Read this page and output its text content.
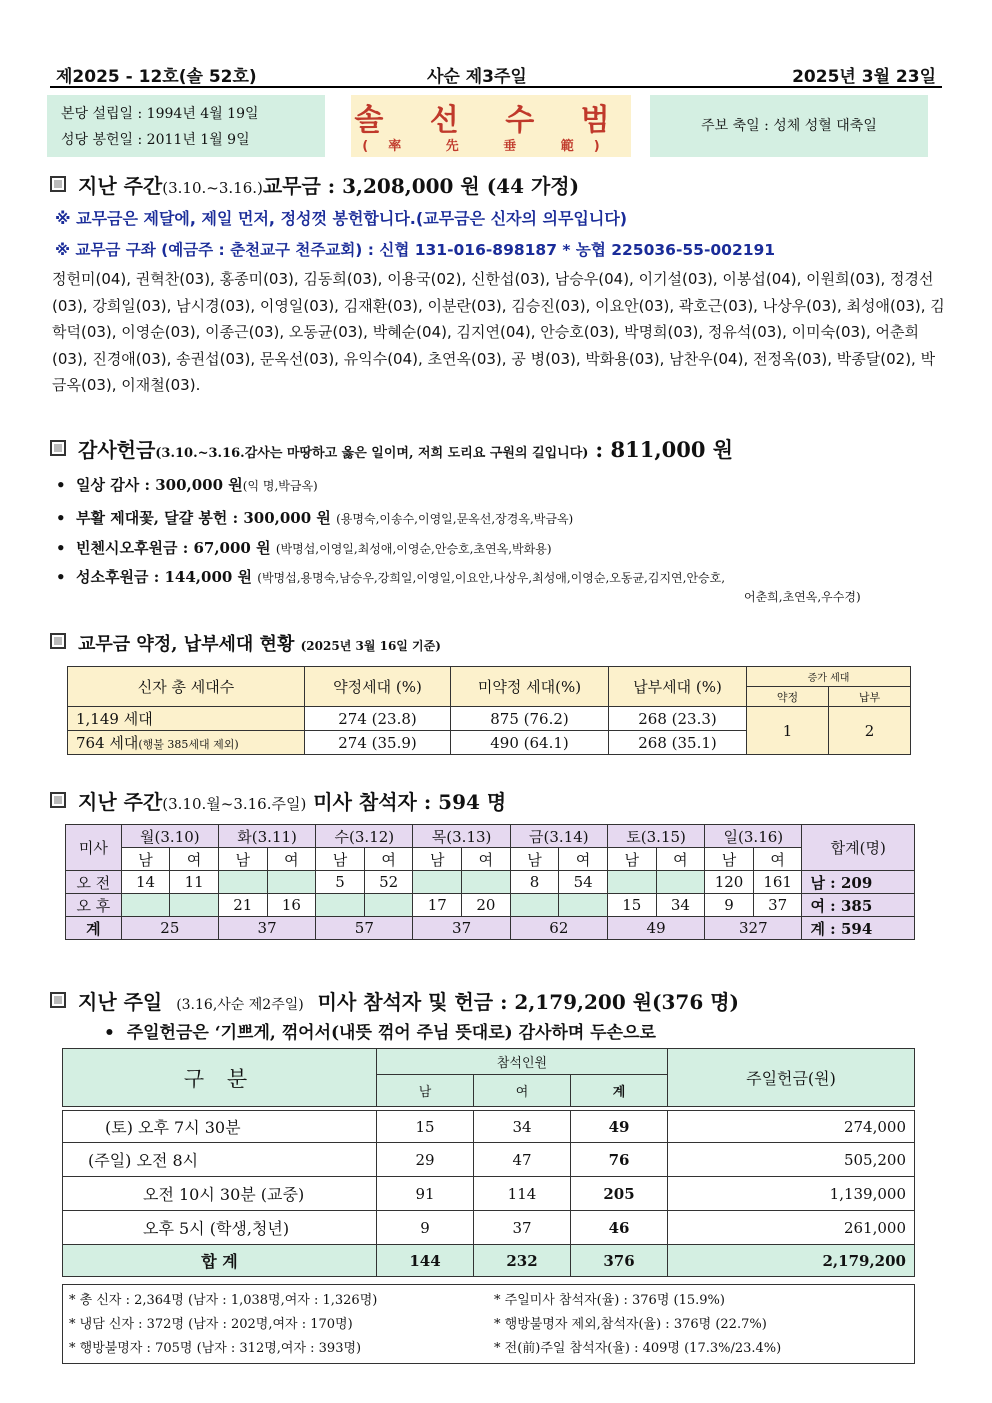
제2025 - 12호(솔 52호)	사순 제3주일	2025년 3월 23일
본당 설립일 : 1994년 4월 19일
성당 봉헌일 : 2011년 1월 9일
솔 선 수 범
(率 先 垂 範)
주보 축일 : 성체 성혈 대축일
지난 주간(3.10.~3.16.)교무금 : 3,208,000 원 (44 가정)
※ 교무금은 제달에, 제일 먼저, 정성껏 봉헌합니다.(교무금은 신자의 의무입니다)
※ 교무금 구좌 (예금주 : 춘천교구 천주교회) : 신협 131-016-898187 * 농협 225036-55-002191
정헌미(04), 권혁찬(03), 홍종미(03), 김동희(03), 이용국(02), 신한섭(03), 남승우(04), 이기설(03), 이봉섭(04), 이원희(03), 정경선(03), 강희일(03), 남시경(03), 이영일(03), 김재환(03), 이분란(03), 김승진(03), 이요안(03), 곽호근(03), 나상우(03), 최성애(03), 김학덕(03), 이영순(03), 이종근(03), 오동균(03), 박혜순(04), 김지연(04), 안승호(03), 박명희(03), 정유석(03), 이미숙(03), 어춘희(03), 진경애(03), 송권섭(03), 문옥선(03), 유익수(04), 초연옥(03), 공 병(03), 박화용(03), 남찬우(04), 전정옥(03), 박종달(02), 박금옥(03), 이재철(03).
감사헌금(3.10.~3.16.감사는 마땅하고 옳은 일이며, 저희 도리요 구원의 길입니다) : 811,000 원
•  일상 감사 : 300,000 원(익 명,박금옥)
•  부활 제대꽃, 달걀 봉헌 : 300,000 원 (용명숙,이송수,이영일,문옥선,장경옥,박금옥)
•  빈첸시오후원금 : 67,000 원 (박명섭,이영일,최성애,이영순,안승호,초연옥,박화용)
•  성소후원금 : 144,000 원 (박명섭,용명숙,남승우,강희일,이영일,이요안,나상우,최성애,이영순,오동균,김지연,안승호,
어춘희,초연옥,우수경)
교무금 약정, 납부세대 현황 (2025년 3월 16일 기준)
신자 총 세대수	약정세대 (%)	미약정 세대(%)	납부세대 (%)	증가 세대	
				약정	납부
1,149 세대	274 (23.8)	875 (76.2)	268 (23.3)	1	2
764 세대(행불 385세대 제외)	274 (35.9)	490 (64.1)	268 (35.1)		
지난 주간(3.10.월~3.16.주일) 미사 참석자 : 594 명
미사	월(3.10)		화(3.11)		수(3.12)		목(3.13)		금(3.14)		토(3.15)		일(3.16)		합계(명)
	남	여	남	여	남	여	남	여	남	여	남	여	남	여	
오 전	14	11			5	52			8	54			120	161	남 : 209
오 후			21	16			17	20			15	34	9	37	여 : 385
계	25		37		57		37		62		49		327		계 : 594
지난 주일 (3.16,사순 제2주일) 미사 참석자 및 헌금 : 2,179,200 원(376 명)
•  주일헌금은 ‘기쁘게, 꺾어서(내뜻 꺾어 주님 뜻대로) 감사하며 두손으로
구 분	참석인원			주일헌금(원)
	남	여	계	

(토) 오후 7시 30분	15	34	49	274,000
(주일) 오전 8시	29	47	76	505,200
오전 10시 30분 (교중)	91	114	205	1,139,000
오후 5시 (학생,청년)	9	37	46	261,000
합 계	144	232	376	2,179,200
* 총 신자 : 2,364명 (남자 : 1,038명,여자 : 1,326명)	* 주일미사 참석자(율) : 376명 (15.9%)
* 냉담 신자 : 372명 (남자 : 202명,여자 : 170명)	* 행방불명자 제외,참석자(율) : 376명 (22.7%)
* 행방불명자 : 705명 (남자 : 312명,여자 : 393명)	* 전(前)주일 참석자(율) : 409명 (17.3%/23.4%)
